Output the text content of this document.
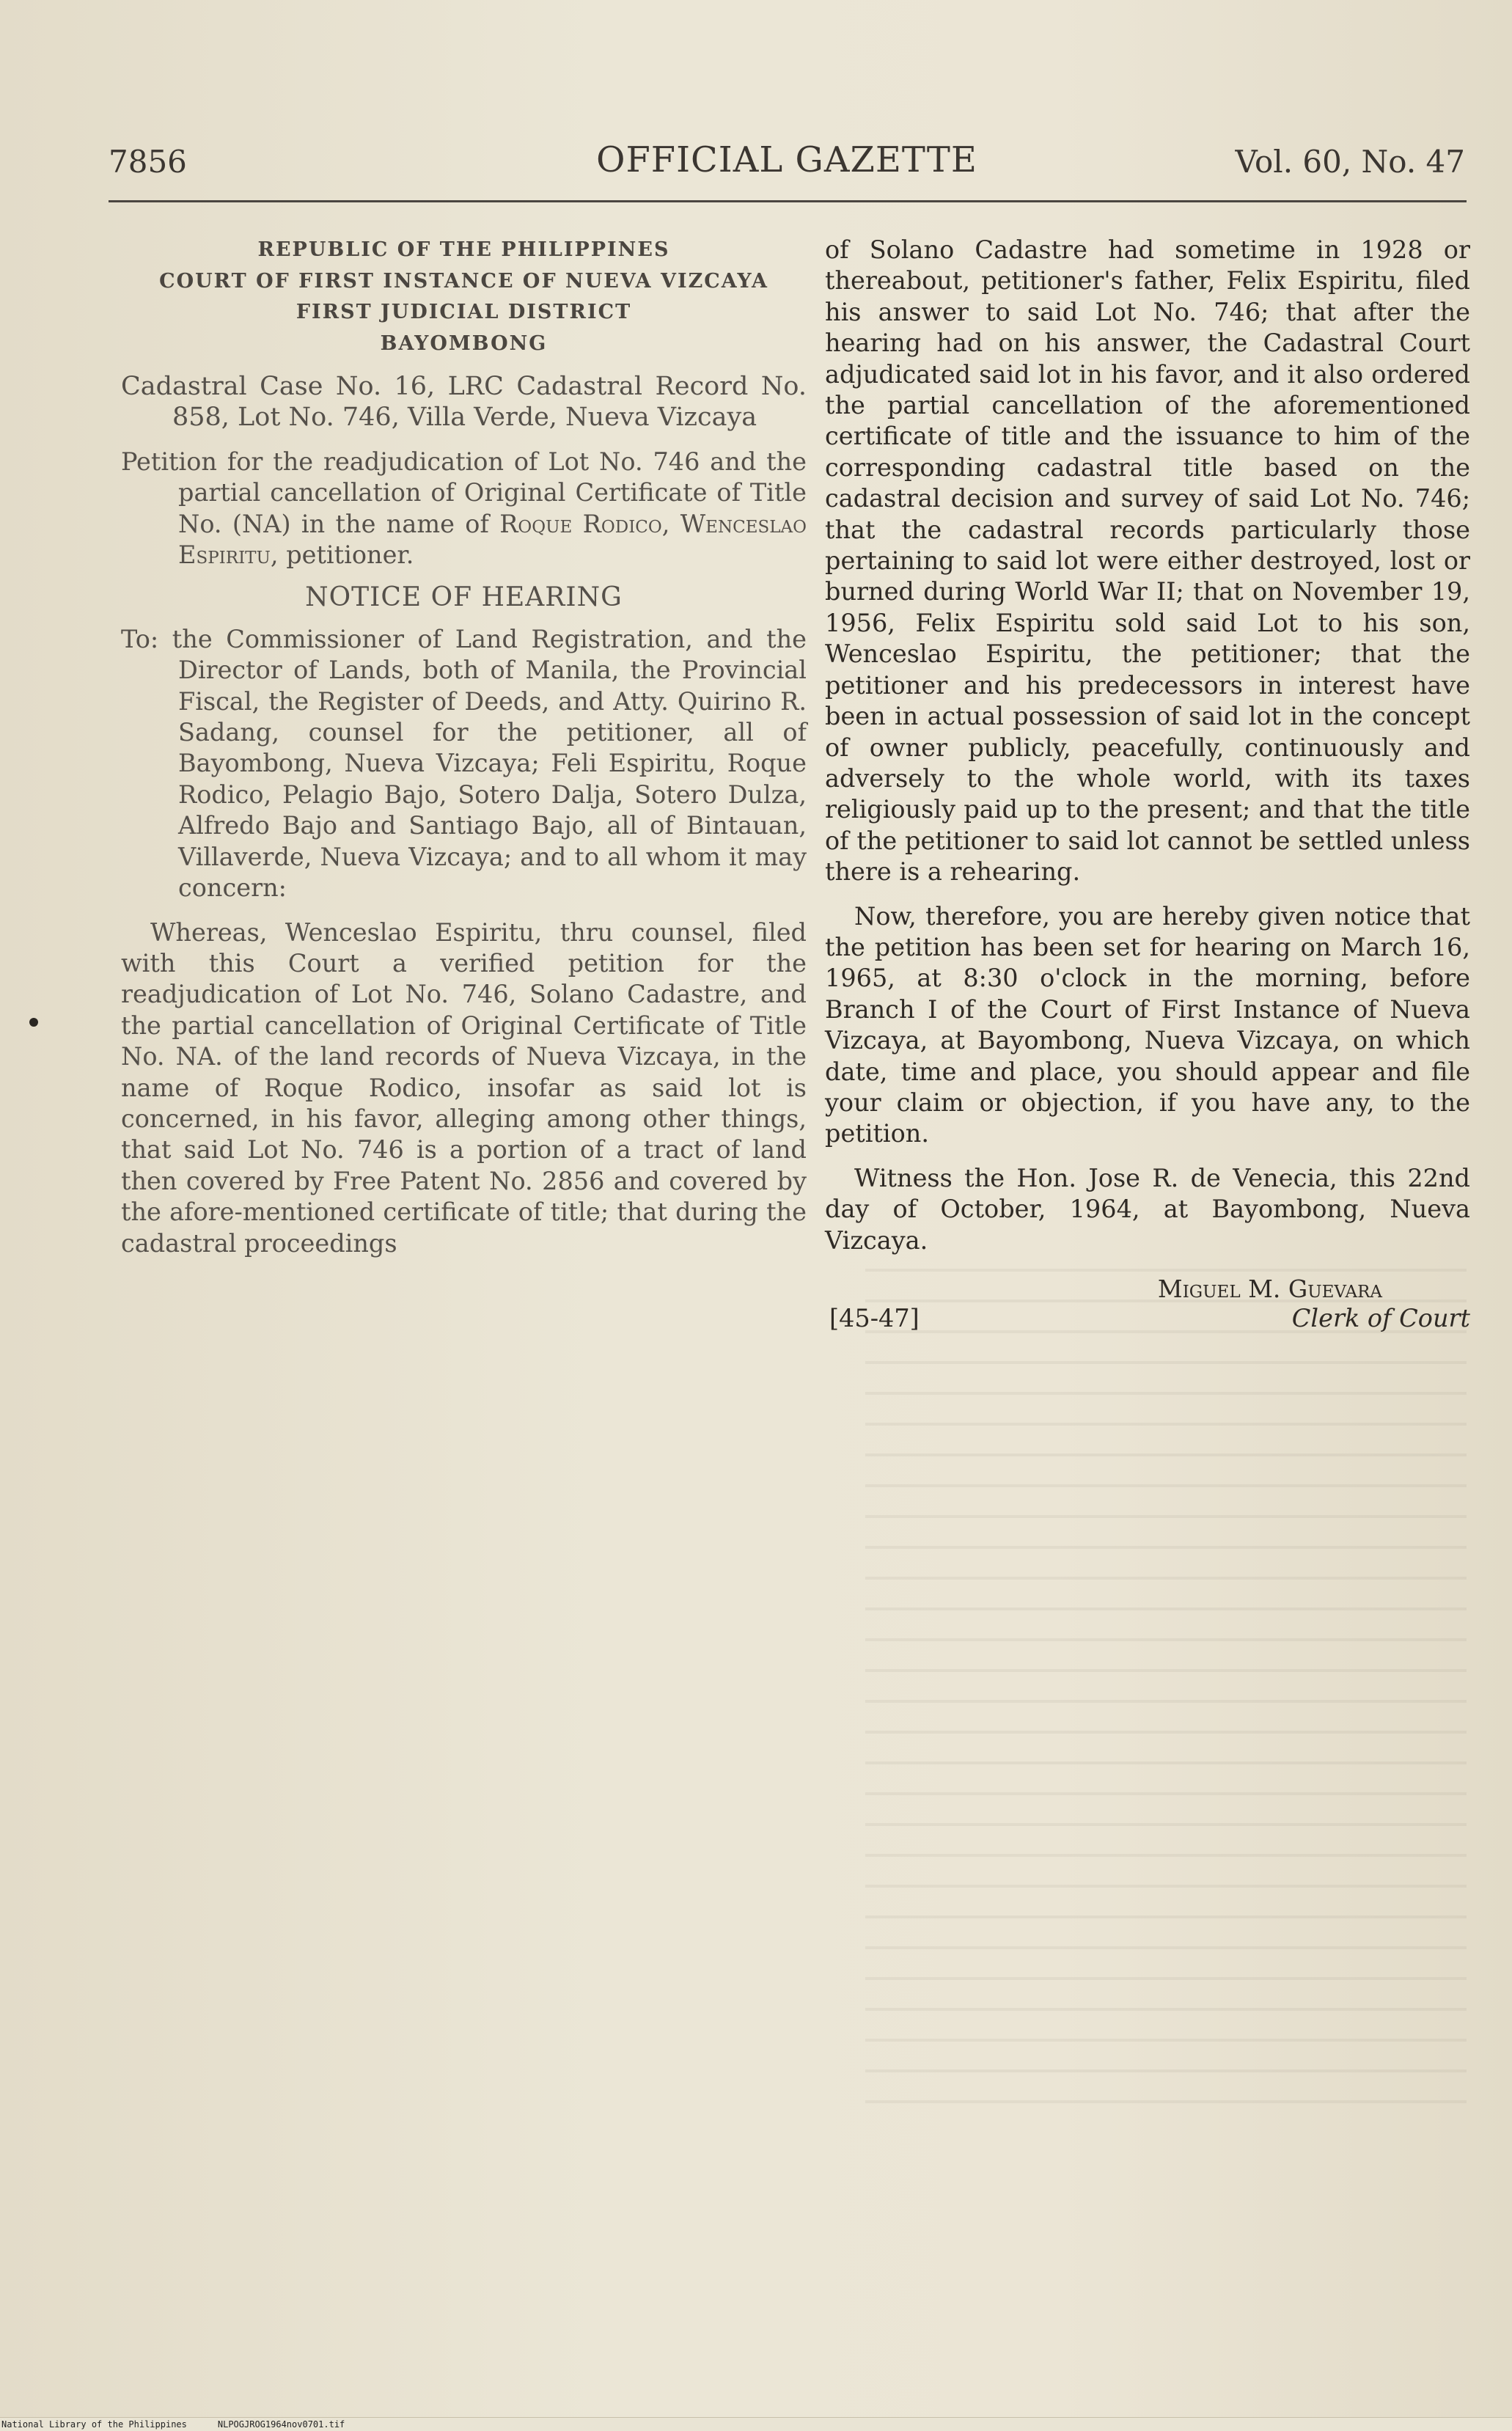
7856	OFFICIAL GAZETTE	Vol. 60, No. 47
REPUBLIC OF THE PHILIPPINES
COURT OF FIRST INSTANCE OF NUEVA VIZCAYA
FIRST JUDICIAL DISTRICT
BAYOMBONG
Cadastral Case No. 16, LRC Cadastral Record No. 858, Lot No. 746, Villa Verde, Nueva Vizcaya
Petition for the readjudication of Lot No. 746 and the partial cancellation of Original Certificate of Title No. (NA) in the name of Roque Rodico, Wenceslao Espiritu, petitioner.
NOTICE OF HEARING
To: the Commissioner of Land Registration, and the Director of Lands, both of Manila, the Provincial Fiscal, the Register of Deeds, and Atty. Quirino R. Sadang, counsel for the petitioner, all of Bayombong, Nueva Vizcaya; Feli Espiritu, Roque Rodico, Pelagio Bajo, Sotero Dalja, Sotero Dulza, Alfredo Bajo and Santiago Bajo, all of Bintauan, Villaverde, Nueva Vizcaya; and to all whom it may concern:
Whereas, Wenceslao Espiritu, thru counsel, filed with this Court a verified petition for the readjudication of Lot No. 746, Solano Cadastre, and the partial cancellation of Original Certificate of Title No. NA. of the land records of Nueva Vizcaya, in the name of Roque Rodico, insofar as said lot is concerned, in his favor, alleging among other things, that said Lot No. 746 is a portion of a tract of land then covered by Free Patent No. 2856 and covered by the afore-mentioned certificate of title; that during the cadastral proceedings
of Solano Cadastre had sometime in 1928 or thereabout, petitioner's father, Felix Espiritu, filed his answer to said Lot No. 746; that after the hearing had on his answer, the Cadastral Court adjudicated said lot in his favor, and it also ordered the partial cancellation of the aforementioned certificate of title and the issuance to him of the corresponding cadastral title based on the cadastral decision and survey of said Lot No. 746; that the cadastral records particularly those pertaining to said lot were either destroyed, lost or burned during World War II; that on November 19, 1956, Felix Espiritu sold said Lot to his son, Wenceslao Espiritu, the petitioner; that the petitioner and his predecessors in interest have been in actual possession of said lot in the concept of owner publicly, peacefully, continuously and adversely to the whole world, with its taxes religiously paid up to the present; and that the title of the petitioner to said lot cannot be settled unless there is a rehearing.
Now, therefore, you are hereby given notice that the petition has been set for hearing on March 16, 1965, at 8:30 o'clock in the morning, before Branch I of the Court of First Instance of Nueva Vizcaya, at Bayombong, Nueva Vizcaya, on which date, time and place, you should appear and file your claim or objection, if you have any, to the petition.
Witness the Hon. Jose R. de Venecia, this 22nd day of October, 1964, at Bayombong, Nueva Vizcaya.
Miguel M. Guevara
Clerk of Court
[45-47]
National Library of the Philippines	NLPOGJROG1964nov0701.tif
